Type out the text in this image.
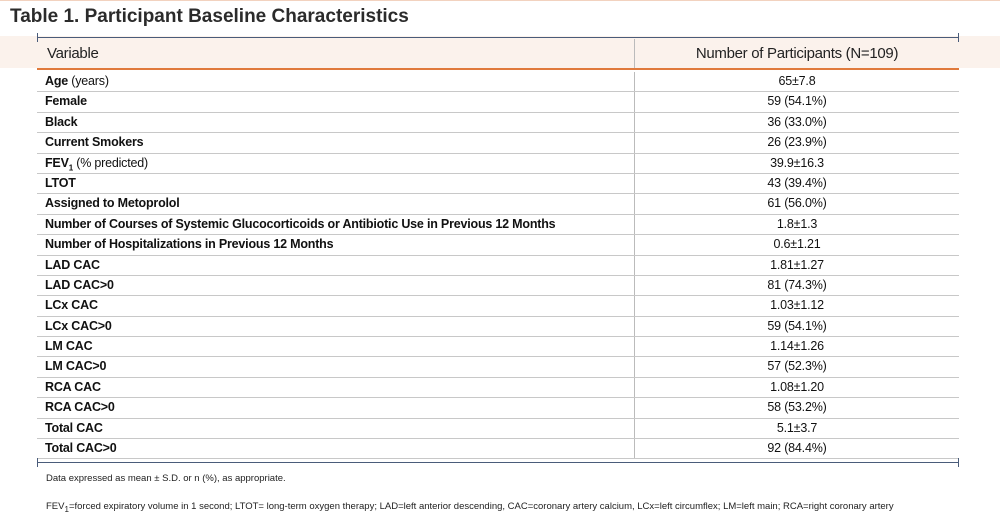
Table 1. Participant Baseline Characteristics
Variable	Number of Participants (N=109)
Age (years)	65±7.8
Female	59 (54.1%)
Black	36 (33.0%)
Current Smokers	26 (23.9%)
$FEV_1$ (% predicted)	39.9±16.3
LTOT	43 (39.4%)
Assigned to Metoprolol	61 (56.0%)
Number of Courses of Systemic Glucocorticoids or Antibiotic Use in Previous 12 Months	1.8±1.3
Number of Hospitalizations in Previous 12 Months	0.6±1.21
LAD CAC	1.81±1.27
LAD CAC>0	81 (74.3%)
LCx CAC	1.03±1.12
LCx CAC>0	59 (54.1%)
LM CAC	1.14±1.26
LM CAC>0	57 (52.3%)
RCA CAC	1.08±1.20
RCA CAC>0	58 (53.2%)
Total CAC	5.1±3.7
Total CAC>0	92 (84.4%)
Data expressed as mean ± S.D. or n (%), as appropriate.
$FEV_1=forced$ expiratory volume in 1 second; LTOT= long-term oxygen therapy; LAD=left anterior descending, CAC=coronary artery calcium, LCx=left circumflex; LM=left main; RCA=right coronary artery
